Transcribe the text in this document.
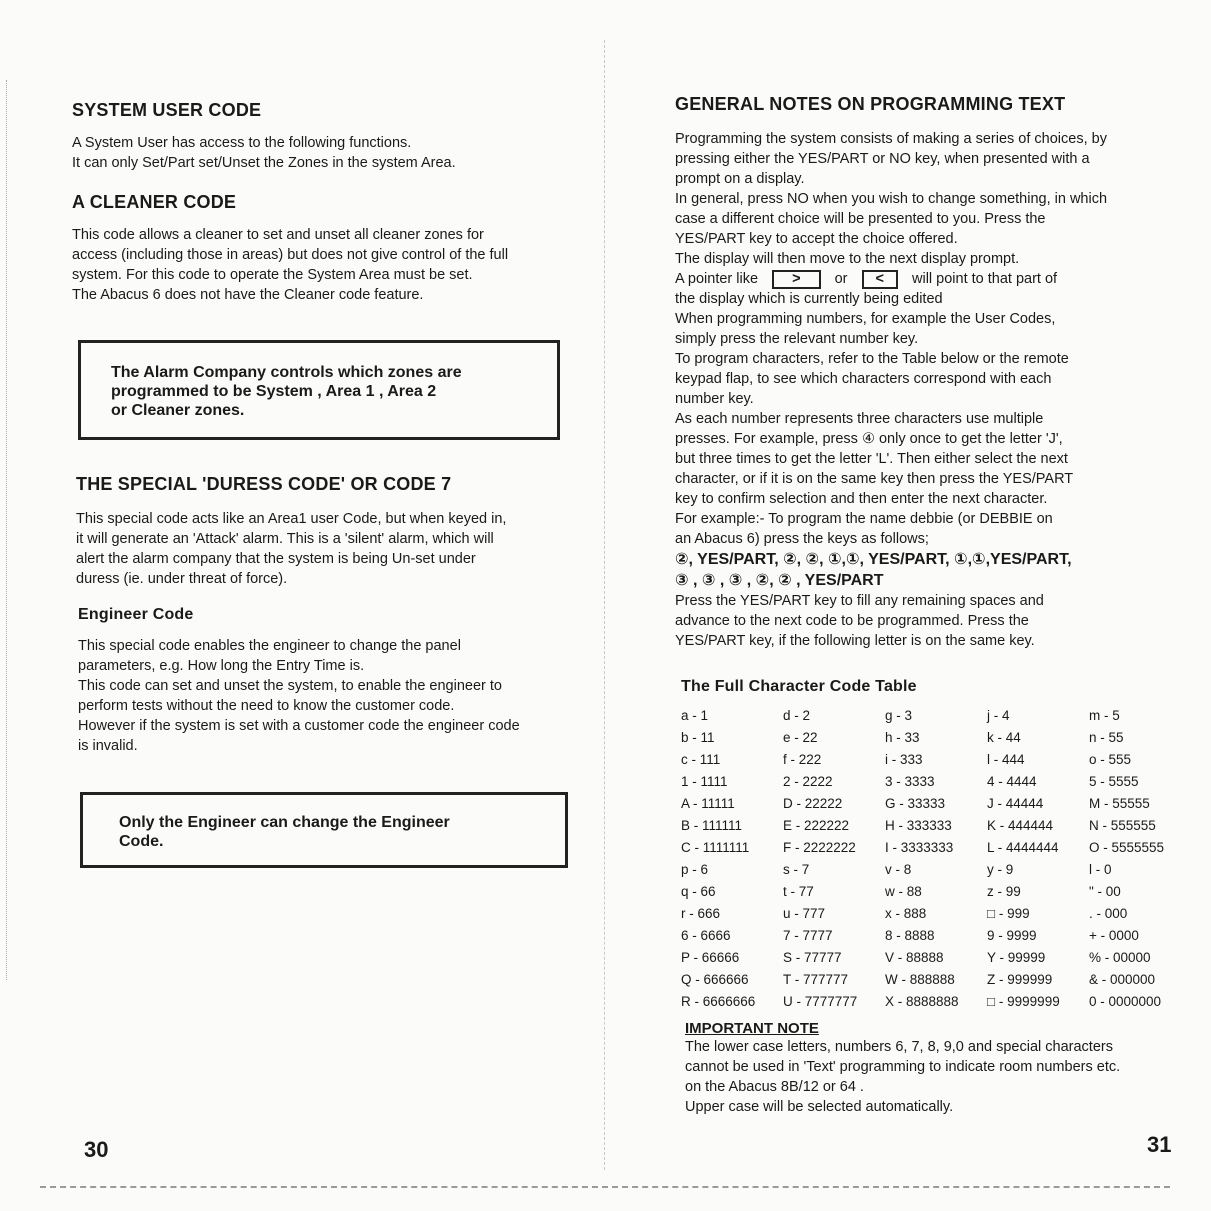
SYSTEM USER CODE

A System User has access to the following functions.

It can only Set/Part set/Unset the Zones in the system Area.

A CLEANER CODE

This code allows a cleaner to set and unset all cleaner zones for

access (including those in areas) but does not give control of the full

system. For this code to operate the System Area must be set.

The Abacus 6 does not have the Cleaner code feature.

The Alarm Company controls which zones are
programmed to be System , Area 1 , Area 2
or Cleaner zones.
THE SPECIAL 'DURESS CODE' OR CODE 7

This special code acts like an Area1 user Code, but when keyed in,

it will generate an 'Attack' alarm. This is a 'silent' alarm, which will

alert the alarm company that the system is being Un-set under

duress (ie. under threat of force).

Engineer Code

This special code enables the engineer to change the panel

parameters, e.g. How long the Entry Time is.

This code can set and unset the system, to enable the engineer to

perform tests without the need to know the customer code.

However if the system is set with a customer code the engineer code

is invalid.

Only the Engineer can change the Engineer
Code.
30
GENERAL NOTES ON PROGRAMMING TEXT

Programming the system consists of making a series of choices, by

pressing either the YES/PART or NO key, when presented with a

prompt on a display.

In general, press NO when you wish to change something, in which

case a different choice will be presented to you. Press the

YES/PART key to accept the choice offered.

The display will then move to the next display prompt.

A pointer like > or < will point to that part of

the display which is currently being edited

When programming numbers, for example the User Codes,

simply press the relevant number key.

To program characters, refer to the Table below or the remote

keypad flap, to see which characters correspond with each

number key.

As each number represents three characters use multiple

presses. For example, press ④ only once to get the letter 'J',

but three times to get the letter 'L'. Then either select the next

character, or if it is on the same key then press the YES/PART

key to confirm selection and then enter the next character.

For example:- To program the name debbie (or DEBBIE on

an Abacus 6) press the keys as follows;

②, YES/PART, ②, ②, ①,①, YES/PART, ①,①,YES/PART,
③ , ③ , ③ , ②, ② , YES/PART

Press the YES/PART key to fill any remaining spaces and

advance to the next code to be programmed. Press the

YES/PART key, if the following letter is on the same key.

The Full Character Code Table
a - 1	d - 2	g - 3	j - 4	m - 5
b - 11	e - 22	h - 33	k - 44	n - 55
c - 111	f - 222	i - 333	l - 444	o - 555
1 - 1111	2 - 2222	3 - 3333	4 - 4444	5 - 5555
A - 11111	D - 22222	G - 33333	J - 44444	M - 55555
B - 111111	E - 222222	H - 333333	K - 444444	N - 555555
C - 1111111	F - 2222222	I - 3333333	L - 4444444	O - 5555555
p - 6	s - 7	v - 8	y - 9	l - 0
q - 66	t - 77	w - 88	z - 99	" - 00
r - 666	u - 777	x - 888	□ - 999	. - 000
6 - 6666	7 - 7777	8 - 8888	9 - 9999	+ - 0000
P - 66666	S - 77777	V - 88888	Y - 99999	% - 00000
Q - 666666	T - 777777	W - 888888	Z - 999999	& - 000000
R - 6666666	U - 7777777	X - 8888888	□ - 9999999	0 - 0000000
IMPORTANT NOTE

The lower case letters, numbers 6, 7, 8, 9,0 and special characters

cannot be used in 'Text' programming to indicate room numbers etc.

on the Abacus 8B/12 or 64 .

Upper case will be selected automatically.

31
